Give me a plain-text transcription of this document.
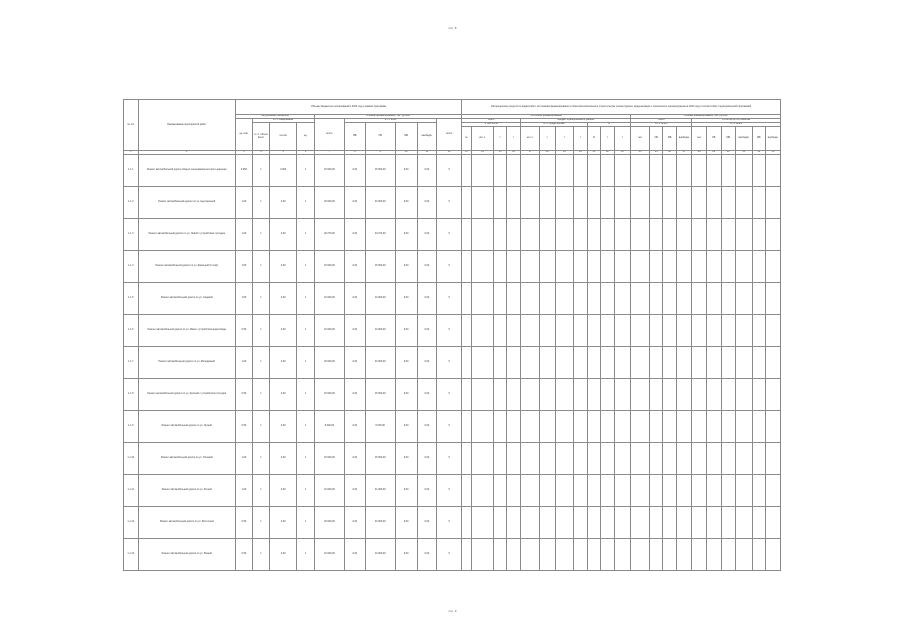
стр. 8
№ п/п	Наименование мероприятий работ	Объемы бюджетных ассигнований к 2023 году в рамках программы										Распределение средств по видам работ, источникам финансирования и объектам капитального строительства, реконструкции, модернизации и технического перевооружения в 2023 году в соответствии с муниципальной программой																				
		Натуральные показатели				Объемы финансирования, тыс. рублей						Источники финансирования											Объемы финансирования, тыс. рублей									
		ед. изм.	в т.ч. измеряемые			всего	в т.ч. 2023				всего	Всего				Бюджет муниципального района							Всего				в том числе по объектам					
			в т.ч. объем всего	кол-во	ед.		ФБ	ОБ	МБ	внебюдж.		в том числе				в т.ч. кредиторская				%			в т.ч. всего				в т.ч. всего					
												№	на т.ч.	т.	т.	на т.ч.	т.	т.	т.	%	т.	т.	тыс.	ОБ	МБ	внебюдж.	тыс.	ОБ	МБ	внебюдж.	МБ	внебюдж.
1	2	3	4	5	6	7	8	9	10	11	12	13	14	15	16	17	18	19	20	21	22	23	24	25	26	27	28	29	30	31	32	33
1.1.1	Ремонт автомобильной дороги общего пользования местного значения	0,250	1	0,000	1	15 000,00	0,00	15 000,00	0,00	0,00	Х																					
1.1.2	Ремонт автомобильной дороги по ул. Центральной	1,00	1	0,00	1	20 000,00	0,00	20 000,00	0,00	0,00	Х																					
1.1.3	Ремонт автомобильной дороги по ул. Новой с устройством тротуара	1,00	1	0,00	1	20 270,00	0,00	20 270,00	0,00	0,00	Х																					
1.1.4	Ремонт автомобильной дороги по ул. Школьной (II этап)	1,50	1	0,00	1	15 000,00	0,00	15 000,00	0,00	0,00	Х																					
1.1.5	Ремонт автомобильной дороги по ул. Садовой	1,50	1	0,00	1	10 000,00	0,00	10 000,00	0,00	0,00	Х																					
1.1.6	Ремонт автомобильной дороги по ул. Мира с устройством водоотвода	0,50	1	0,00	1	10 000,00	0,00	10 000,00	0,00	0,00	Х																					
1.1.7	Ремонт автомобильной дороги по ул. Молодёжной	1,00	1	0,00	1	20 000,00	0,00	20 000,00	0,00	0,00	Х																					
1.1.8	Ремонт автомобильной дороги по ул. Зелёной с устройством тротуара	0,50	1	0,00	1	15 000,00	0,00	15 000,00	0,00	0,00	Х																					
1.1.9	Ремонт автомобильной дороги по ул. Лесной	0,50	1	0,00	1	8 000,00	0,00	8 000,00	0,00	0,00	Х																					
1.1.10	Ремонт автомобильной дороги по ул. Полевой	1,00	1	0,00	1	15 000,00	0,00	15 000,00	0,00	0,00	Х																					
1.1.11	Ремонт автомобильной дороги по ул. Речной	1,00	1	0,00	1	21 000,00	0,00	21 000,00	0,00	0,00	Х																					
1.1.12	Ремонт автомобильной дороги по ул. Восточной	0,50	1	0,00	1	20 000,00	0,00	20 000,00	0,00	0,00	Х																					
1.1.13	Ремонт автомобильной дороги по ул. Южной	0,50	1	0,00	1	10 000,00	0,00	10 000,00	0,00	0,00	Х																					
стр. 9
